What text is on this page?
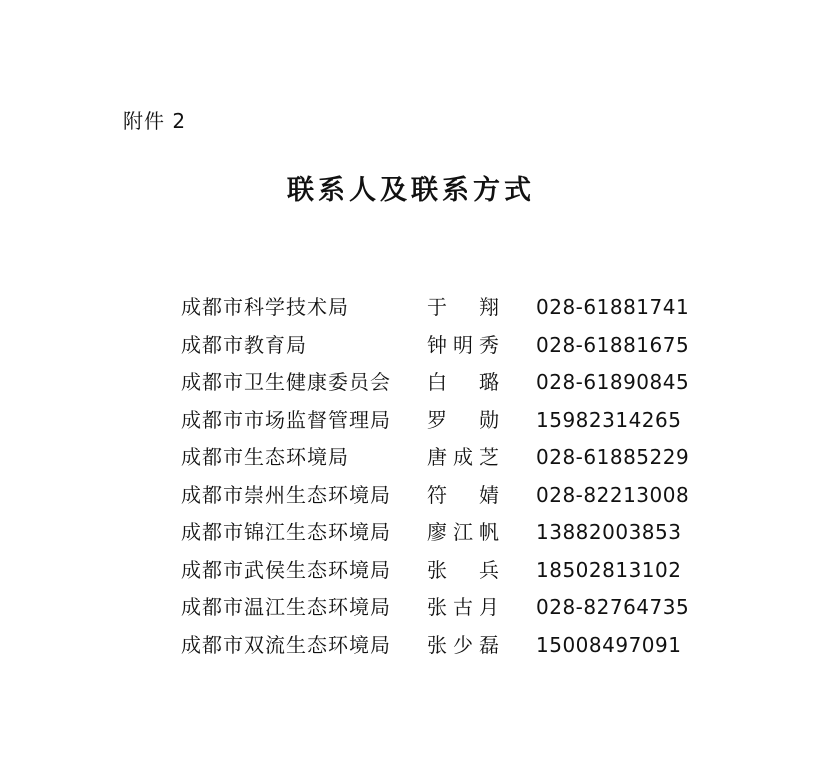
附件 2
联系人及联系方式
成都市科学技术局	于 翔 028-61881741
成都市教育局	钟明秀 028-61881675
成都市卫生健康委员会 白 璐 028-61890845
成都市市场监督管理局 罗 勋 15982314265
成都市生态环境局	唐成芝 028-61885229
成都市崇州生态环境局 符 婧 028-82213008
成都市锦江生态环境局 廖江帆 13882003853
成都市武侯生态环境局 张 兵 18502813102
成都市温江生态环境局 张古月 028-82764735
成都市双流生态环境局 张少磊 15008497091
